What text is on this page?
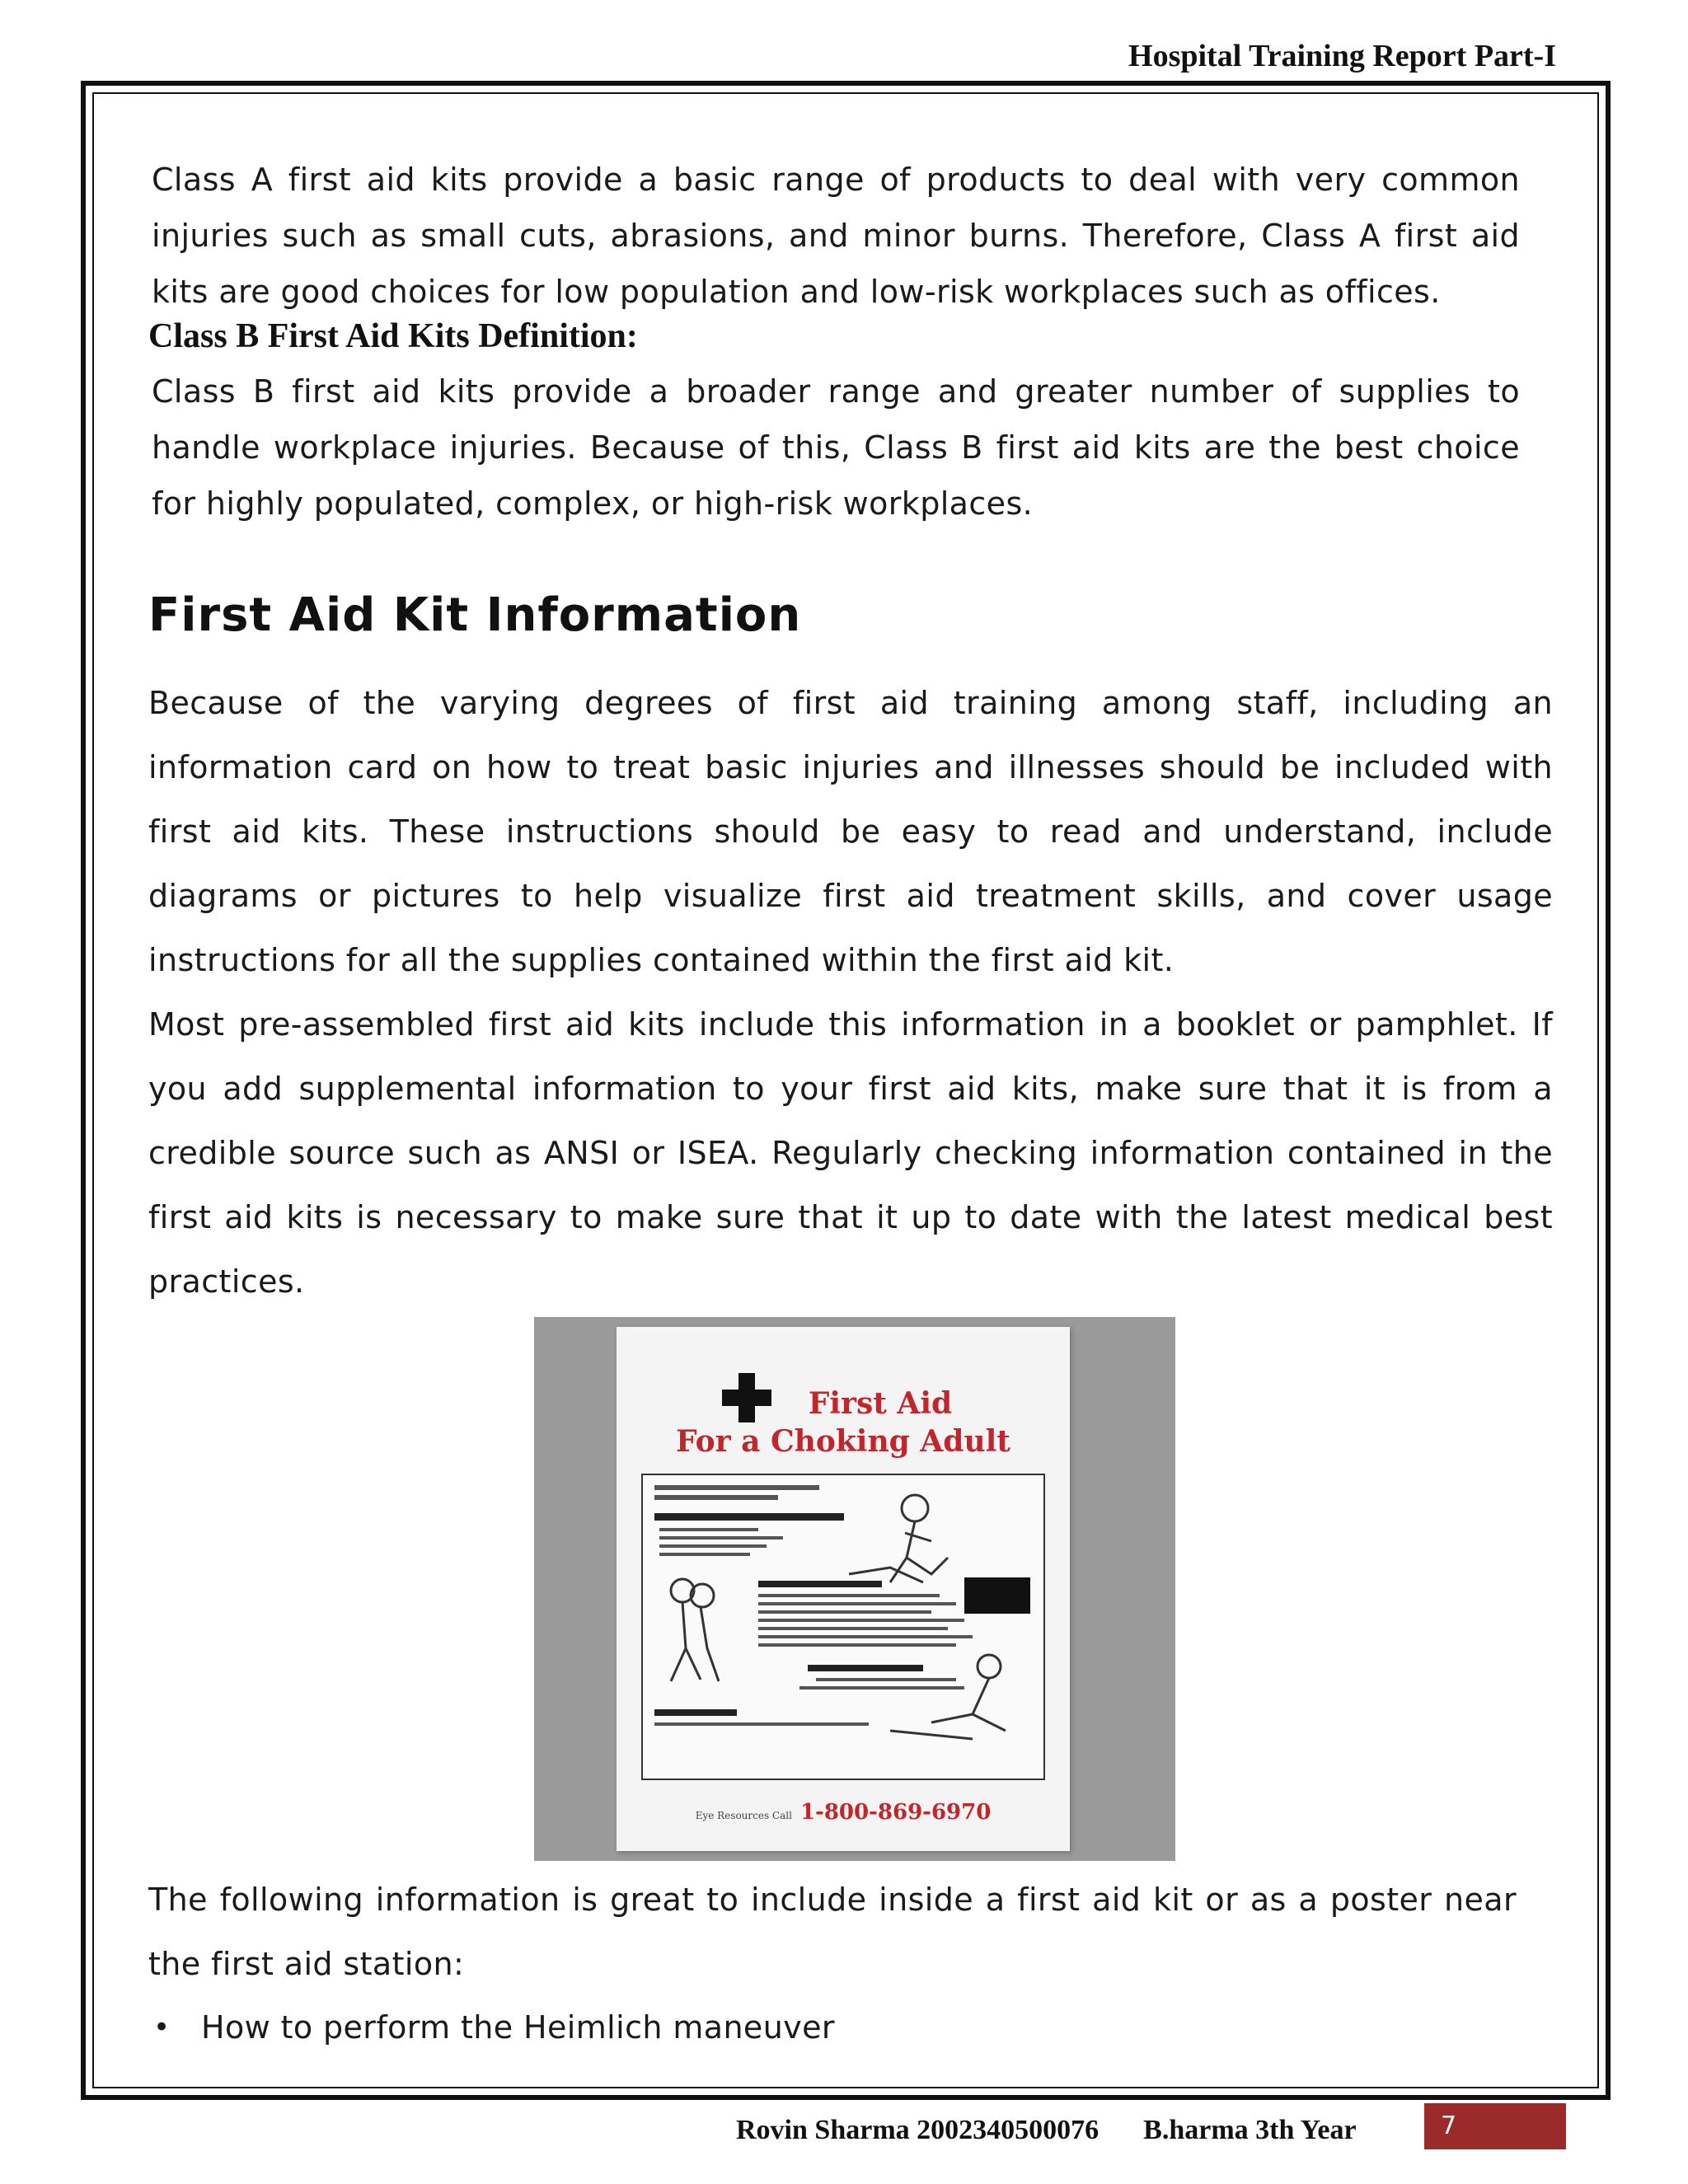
Hospital Training Report Part-I

Class A first aid kits provide a basic range of products to deal with very common injuries such as small cuts, abrasions, and minor burns. Therefore, Class A first aid kits are good choices for low population and low-risk workplaces such as offices.

Class B First Aid Kits Definition:

Class B first aid kits provide a broader range and greater number of supplies to handle workplace injuries. Because of this, Class B first aid kits are the best choice for highly populated, complex, or high-risk workplaces.

First Aid Kit Information

Because of the varying degrees of first aid training among staff, including an information card on how to treat basic injuries and illnesses should be included with first aid kits. These instructions should be easy to read and understand, include diagrams or pictures to help visualize first aid treatment skills, and cover usage instructions for all the supplies contained within the first aid kit.

Most pre-assembled first aid kits include this information in a booklet or pamphlet. If you add supplemental information to your first aid kits, make sure that it is from a credible source such as ANSI or ISEA. Regularly checking information contained in the first aid kits is necessary to make sure that it up to date with the latest medical best practices.

First Aid
For a Choking Adult
Eye Resources Call 1-800-869-6970

The following information is great to include inside a first aid kit or as a poster near the first aid station:

• How to perform the Heimlich maneuver
Rovin Sharma 2002340500076 B.harma 3th Year	7
